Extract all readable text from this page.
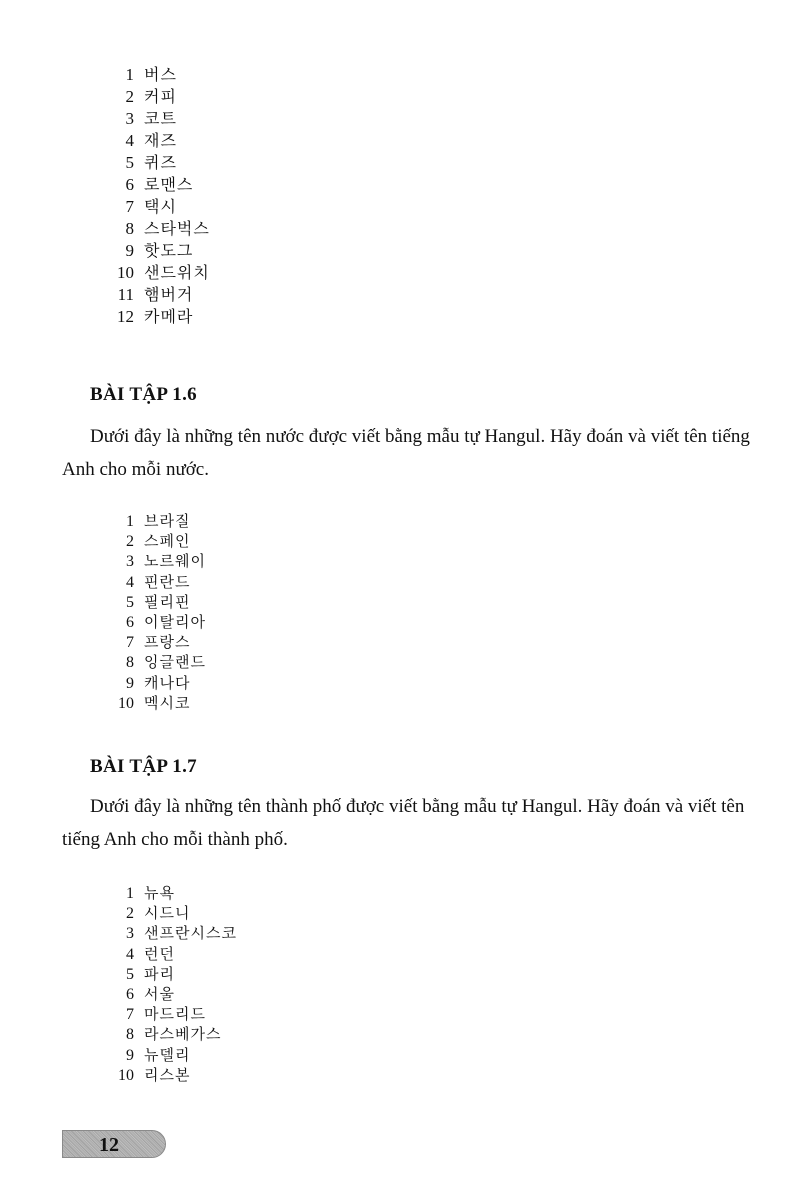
1 버스
2 커피
3 코트
4 재즈
5 퀴즈
6 로맨스
7 택시
8 스타벅스
9 핫도그
10 샌드위치
11 햄버거
12 카메라
BÀI TẬP 1.6

Dưới đây là những tên nước được viết bằng mẫu tự Hangul. Hãy đoán và viết tên tiếng Anh cho mỗi nước.

1 브라질
2 스페인
3 노르웨이
4 핀란드
5 필리핀
6 이탈리아
7 프랑스
8 잉글랜드
9 캐나다
10 멕시코
BÀI TẬP 1.7

Dưới đây là những tên thành phố được viết bằng mẫu tự Hangul. Hãy đoán và viết tên tiếng Anh cho mỗi thành phố.

1 뉴욕
2 시드니
3 샌프란시스코
4 런던
5 파리
6 서울
7 마드리드
8 라스베가스
9 뉴델리
10 리스본
12
